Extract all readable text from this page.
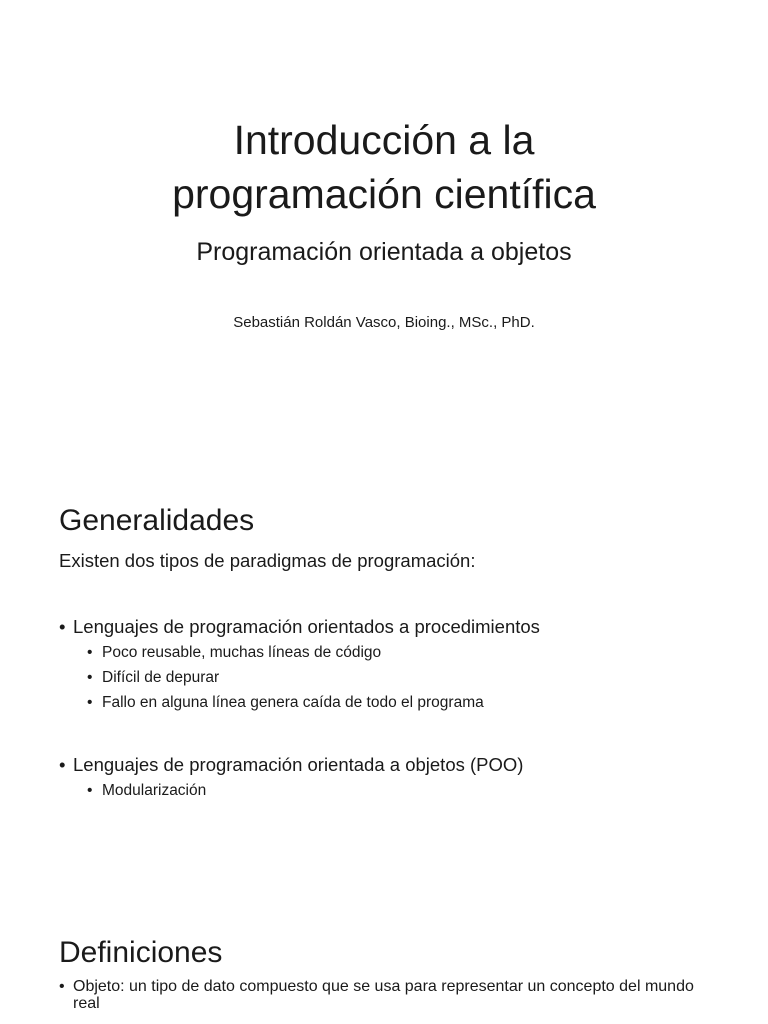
Introducción a la
programación científica
Programación orientada a objetos
Sebastián Roldán Vasco, Bioing., MSc., PhD.
Generalidades
Existen dos tipos de paradigmas de programación:
• Lenguajes de programación orientados a procedimientos
• Poco reusable, muchas líneas de código
• Difícil de depurar
• Fallo en alguna línea genera caída de todo el programa
• Lenguajes de programación orientada a objetos (POO)
• Modularización
Definiciones
• Objeto: un tipo de dato compuesto que se usa para representar un concepto del mundo real
